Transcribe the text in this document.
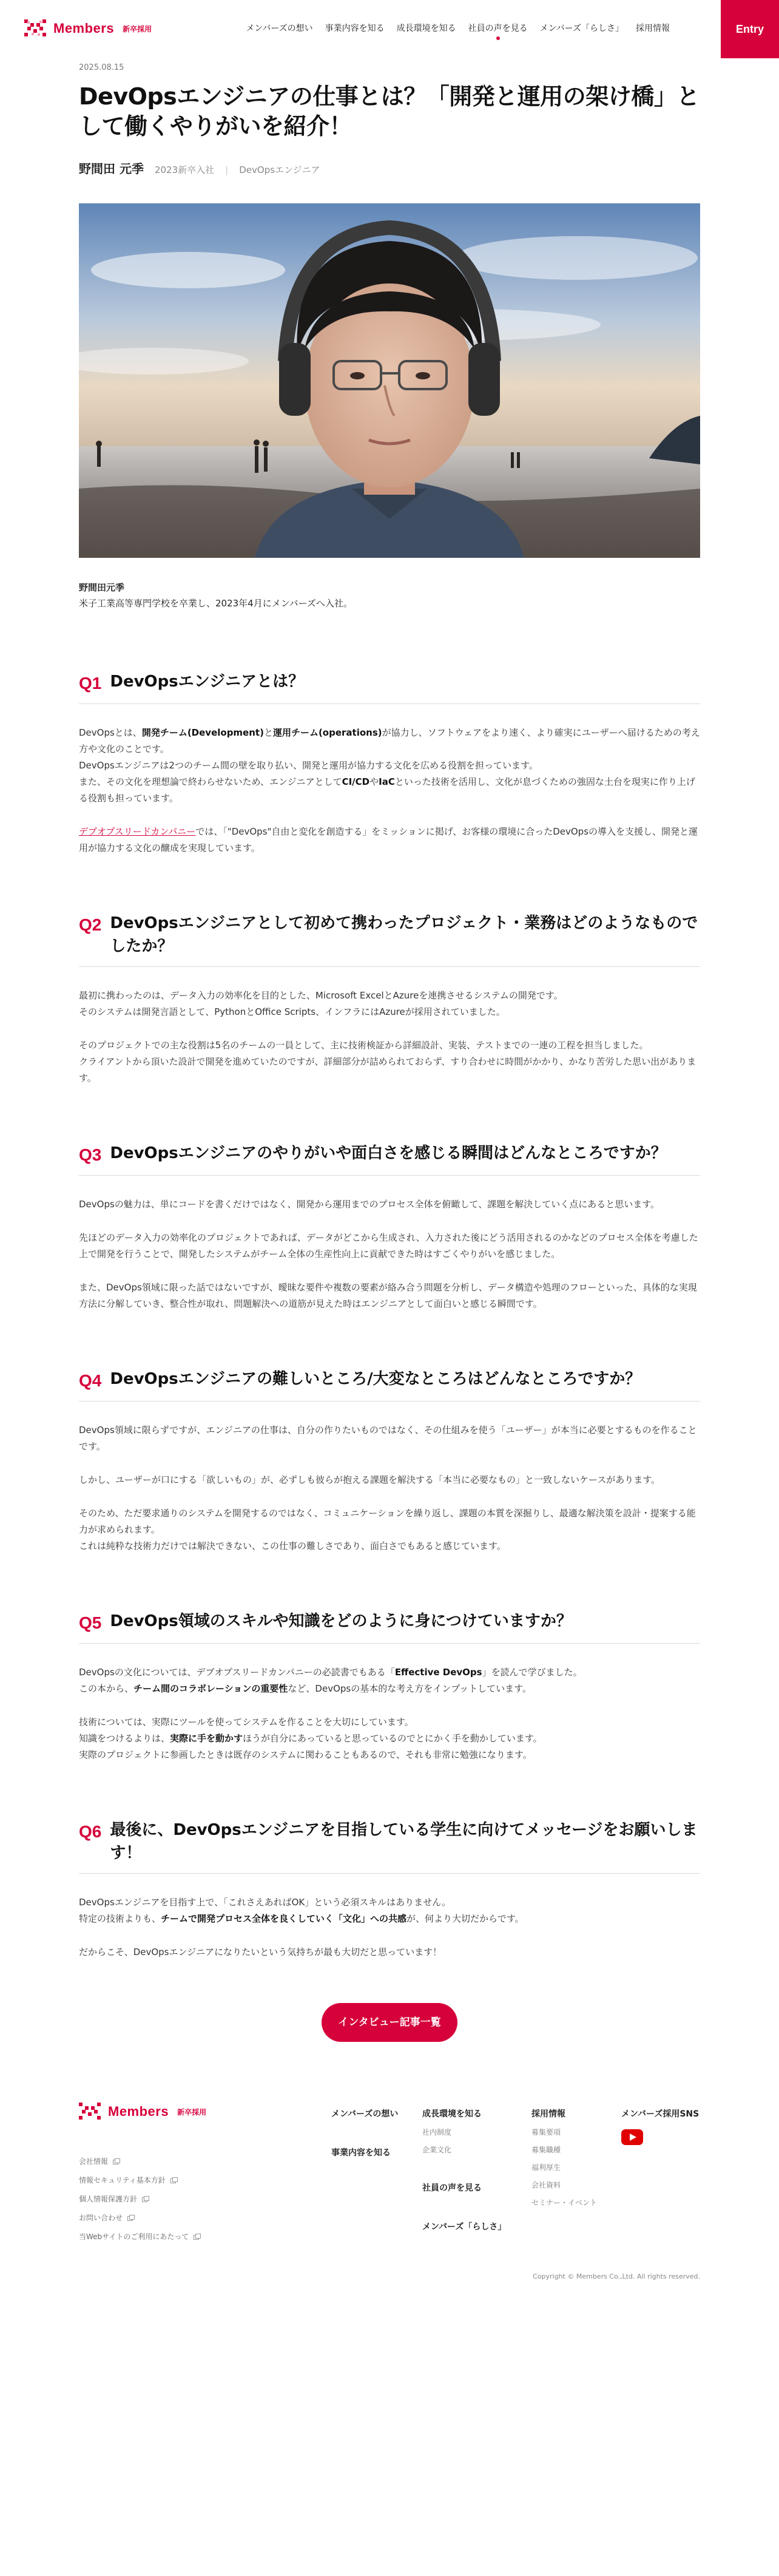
Members 新卒採用	メンバーズの想い 事業内容を知る 成長環境を知る 社員の声を見る メンバーズ「らしさ」 採用情報	Entry
2025.08.15
DevOpsエンジニアの仕事とは？「開発と運用の架け橋」として働くやりがいを紹介！
野間田 元季 2023新卒入社 | DevOpsエンジニア
野間田元季
米子工業高等専門学校を卒業し、2023年4月にメンバーズへ入社。
Q1 DevOpsエンジニアとは？

DevOpsとは、開発チーム(Development)と運用チーム(operations)が協力し、ソフトウェアをより速く、より確実にユーザーへ届けるための考え方や文化のことです。
DevOpsエンジニアは2つのチーム間の壁を取り払い、開発と運用が協力する文化を広める役割を担っています。
また、その文化を理想論で終わらせないため、エンジニアとしてCI/CDやIaCといった技術を活用し、文化が息づくための強固な土台を現実に作り上げる役割も担っています。

デプオプスリードカンパニーでは、「"DevOps"自由と変化を創造する」をミッションに掲げ、お客様の環境に合ったDevOpsの導入を支援し、開発と運用が協力する文化の醸成を実現しています。

Q2 DevOpsエンジニアとして初めて携わったプロジェクト・業務はどのようなものでしたか？

最初に携わったのは、データ入力の効率化を目的とした、Microsoft ExcelとAzureを連携させるシステムの開発です。
そのシステムは開発言語として、PythonとOffice Scripts、インフラにはAzureが採用されていました。

そのプロジェクトでの主な役割は5名のチームの一員として、主に技術検証から詳細設計、実装、テストまでの一連の工程を担当しました。
クライアントから頂いた設計で開発を進めていたのですが、詳細部分が詰められておらず、すり合わせに時間がかかり、かなり苦労した思い出があります。

Q3 DevOpsエンジニアのやりがいや面白さを感じる瞬間はどんなところですか？

DevOpsの魅力は、単にコードを書くだけではなく、開発から運用までのプロセス全体を俯瞰して、課題を解決していく点にあると思います。

先ほどのデータ入力の効率化のプロジェクトであれば、データがどこから生成され、入力された後にどう活用されるのかなどのプロセス全体を考慮した上で開発を行うことで、開発したシステムがチーム全体の生産性向上に貢献できた時はすごくやりがいを感じました。

また、DevOps領域に限った話ではないですが、曖昧な要件や複数の要素が絡み合う問題を分析し、データ構造や処理のフローといった、具体的な実現方法に分解していき、整合性が取れ、問題解決への道筋が見えた時はエンジニアとして面白いと感じる瞬間です。

Q4 DevOpsエンジニアの難しいところ/大変なところはどんなところですか？

DevOps領域に限らずですが、エンジニアの仕事は、自分の作りたいものではなく、その仕組みを使う「ユーザー」が本当に必要とするものを作ることです。

しかし、ユーザーが口にする「欲しいもの」が、必ずしも彼らが抱える課題を解決する「本当に必要なもの」と一致しないケースがあります。

そのため、ただ要求通りのシステムを開発するのではなく、コミュニケーションを繰り返し、課題の本質を深掘りし、最適な解決策を設計・提案する能力が求められます。
これは純粋な技術力だけでは解決できない、この仕事の難しさであり、面白さでもあると感じています。

Q5 DevOps領域のスキルや知識をどのように身につけていますか？

DevOpsの文化については、デブオプスリードカンパニーの必読書でもある「Effective DevOps」を読んで学びました。
この本から、チーム間のコラボレーションの重要性など、DevOpsの基本的な考え方をインプットしています。

技術については、実際にツールを使ってシステムを作ることを大切にしています。
知識をつけるよりは、実際に手を動かすほうが自分にあっていると思っているのでとにかく手を動かしています。
実際のプロジェクトに参画したときは既存のシステムに関わることもあるので、それも非常に勉強になります。

Q6 最後に、DevOpsエンジニアを目指している学生に向けてメッセージをお願いします！

DevOpsエンジニアを目指す上で、「これさえあればOK」という必須スキルはありません。
特定の技術よりも、チームで開発プロセス全体を良くしていく「文化」への共感が、何より大切だからです。

だからこそ、DevOpsエンジニアになりたいという気持ちが最も大切だと思っています！

インタビュー記事一覧
Members 新卒採用
会社情報
情報セキュリティ基本方針
個人情報保護方針
お問い合わせ
当Webサイトのご利用にあたって
メンバーズの想い
事業内容を知る
成長環境を知る
社内制度
企業文化
社員の声を見る
メンバーズ「らしさ」
採用情報
募集要項
募集職種
福利厚生
会社資料
セミナー・イベント
メンバーズ採用SNS
Copyright © Members Co.,Ltd. All rights reserved.
